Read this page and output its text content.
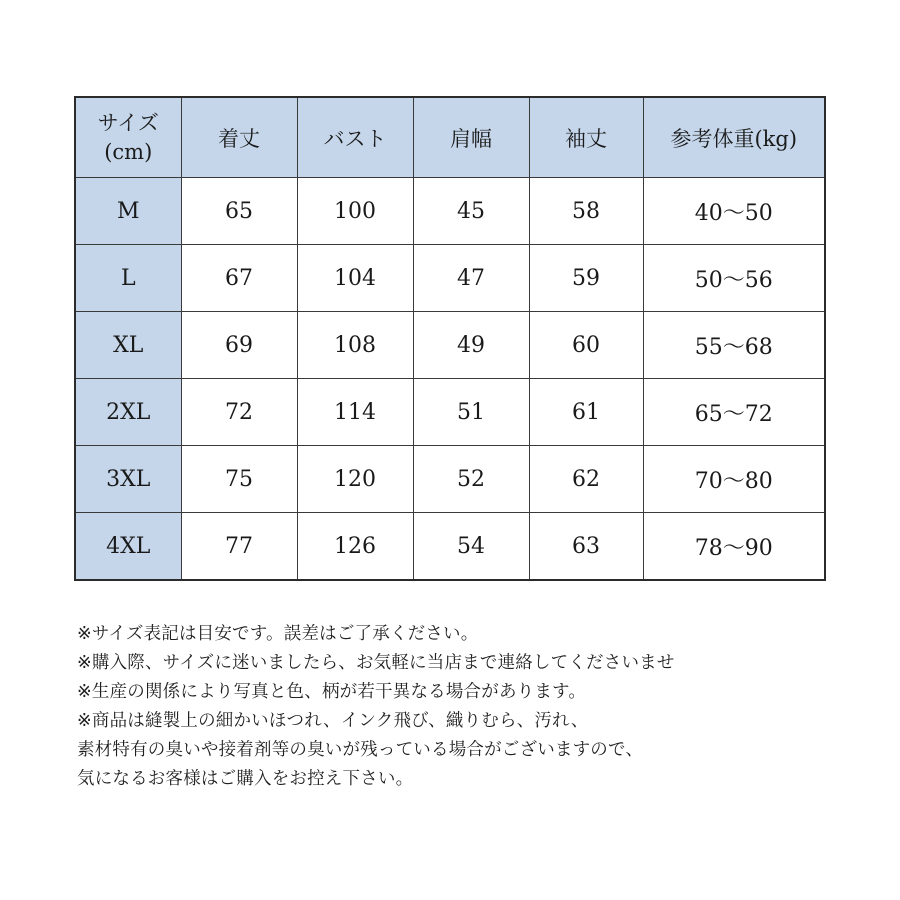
サイズ
(cm)	着丈	バスト	肩幅	袖丈	参考体重(kg)
M	65	100	45	58	40〜50
L	67	104	47	59	50〜56
XL	69	108	49	60	55〜68
2XL	72	114	51	61	65〜72
3XL	75	120	52	62	70〜80
4XL	77	126	54	63	78〜90
※サイズ表記は目安です。誤差はご了承ください。
※購入際、サイズに迷いましたら、お気軽に当店まで連絡してくださいませ
※生産の関係により写真と色、柄が若干異なる場合があります。
※商品は縫製上の細かいほつれ、インク飛び、織りむら、汚れ、
素材特有の臭いや接着剤等の臭いが残っている場合がございますので、
気になるお客様はご購入をお控え下さい。
